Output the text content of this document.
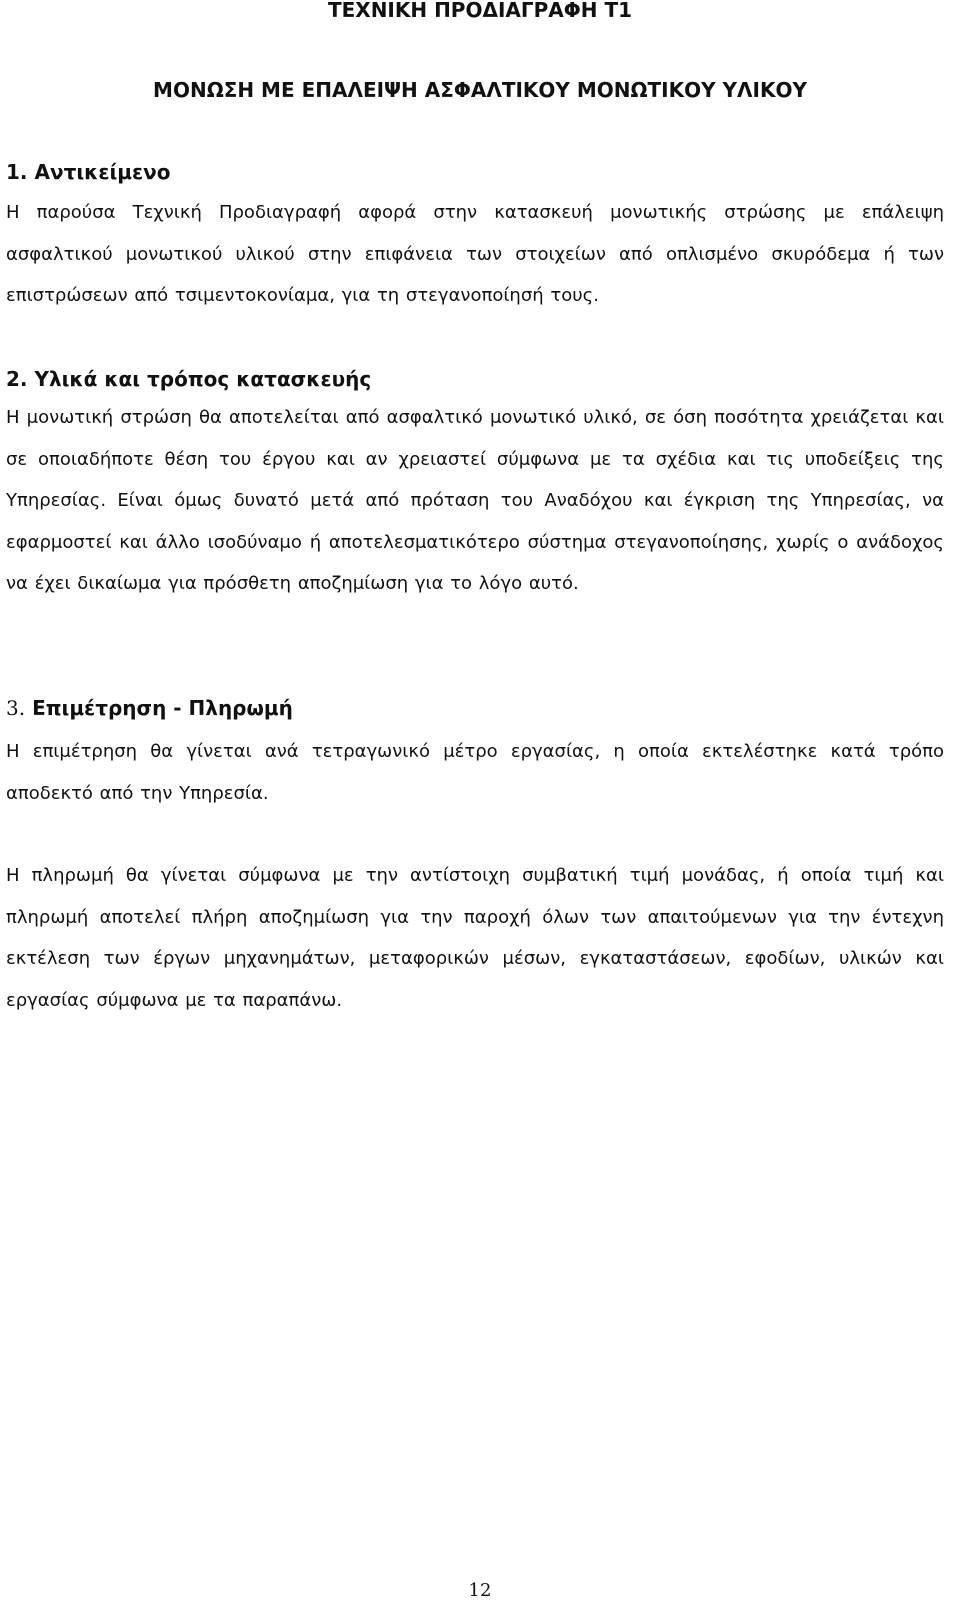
ΤΕΧΝΙΚΗ ΠΡΟΔΙΑΓΡΑΦΗ Τ1
ΜΟΝΩΣΗ ΜΕ ΕΠΑΛΕΙΨΗ ΑΣΦΑΛΤΙΚΟΥ ΜΟΝΩΤΙΚΟΥ ΥΛΙΚΟΥ
1. Αντικείμενο

Η παρούσα Τεχνική Προδιαγραφή αφορά στην κατασκευή μονωτικής στρώσης με επάλειψη ασφαλτικού μονωτικού υλικού στην επιφάνεια των στοιχείων από οπλισμένο σκυρόδεμα ή των επιστρώσεων από τσιμεντοκονίαμα, για τη στεγανοποίησή τους.

2. Υλικά και τρόπος κατασκευής

Η μονωτική στρώση θα αποτελείται από ασφαλτικό μονωτικό υλικό, σε όση ποσότητα χρειάζεται και σε οποιαδήποτε θέση του έργου και αν χρειαστεί σύμφωνα με τα σχέδια και τις υποδείξεις της Υπηρεσίας. Είναι όμως δυνατό μετά από πρόταση του Αναδόχου και έγκριση της Υπηρεσίας, να εφαρμοστεί και άλλο ισοδύναμο ή αποτελεσματικότερο σύστημα στεγανοποίησης, χωρίς ο ανάδοχος να έχει δικαίωμα για πρόσθετη αποζημίωση για το λόγο αυτό.

3. Επιμέτρηση - Πληρωμή

Η επιμέτρηση θα γίνεται ανά τετραγωνικό μέτρο εργασίας, η οποία εκτελέστηκε κατά τρόπο αποδεκτό από την Υπηρεσία.

Η πληρωμή θα γίνεται σύμφωνα με την αντίστοιχη συμβατική τιμή μονάδας, ή οποία τιμή και πληρωμή αποτελεί πλήρη αποζημίωση για την παροχή όλων των απαιτούμενων για την έντεχνη εκτέλεση των έργων μηχανημάτων, μεταφορικών μέσων, εγκαταστάσεων, εφοδίων, υλικών και εργασίας σύμφωνα με τα παραπάνω.

12
